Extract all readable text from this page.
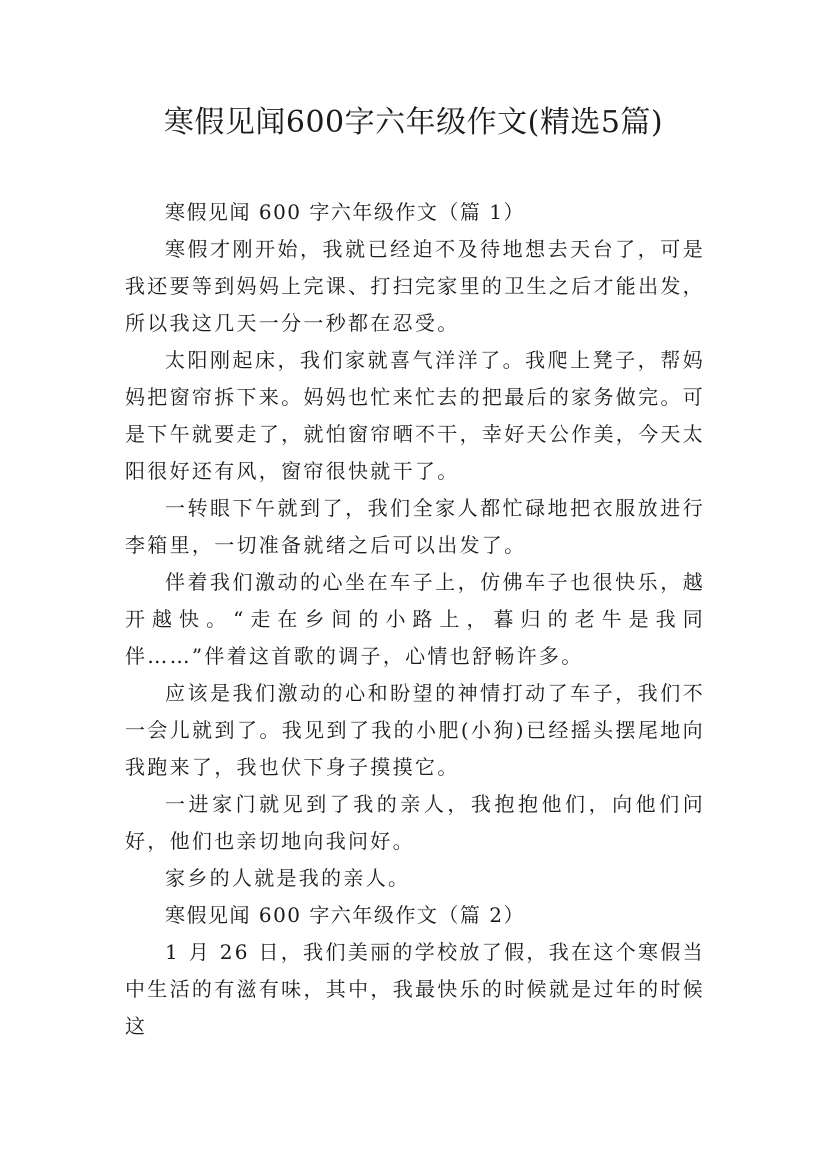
寒假见闻600字六年级作文(精选5篇)

寒假见闻 600 字六年级作文（篇 1）

寒假才刚开始，我就已经迫不及待地想去天台了，可是我还要等到妈妈上完课、打扫完家里的卫生之后才能出发，所以我这几天一分一秒都在忍受。

太阳刚起床，我们家就喜气洋洋了。我爬上凳子，帮妈妈把窗帘拆下来。妈妈也忙来忙去的把最后的家务做完。可是下午就要走了，就怕窗帘晒不干，幸好天公作美，今天太阳很好还有风，窗帘很快就干了。

一转眼下午就到了，我们全家人都忙碌地把衣服放进行李箱里，一切准备就绪之后可以出发了。

伴着我们激动的心坐在车子上，仿佛车子也很快乐，越开越快。“走在乡间的小路上，暮归的老牛是我同伴……”伴着这首歌的调子，心情也舒畅许多。

应该是我们激动的心和盼望的神情打动了车子，我们不一会儿就到了。我见到了我的小肥(小狗)已经摇头摆尾地向我跑来了，我也伏下身子摸摸它。

一进家门就见到了我的亲人，我抱抱他们，向他们问好，他们也亲切地向我问好。

家乡的人就是我的亲人。

寒假见闻 600 字六年级作文（篇 2）

1 月 26 日，我们美丽的学校放了假，我在这个寒假当中生活的有滋有味，其中，我最快乐的时候就是过年的时候这
